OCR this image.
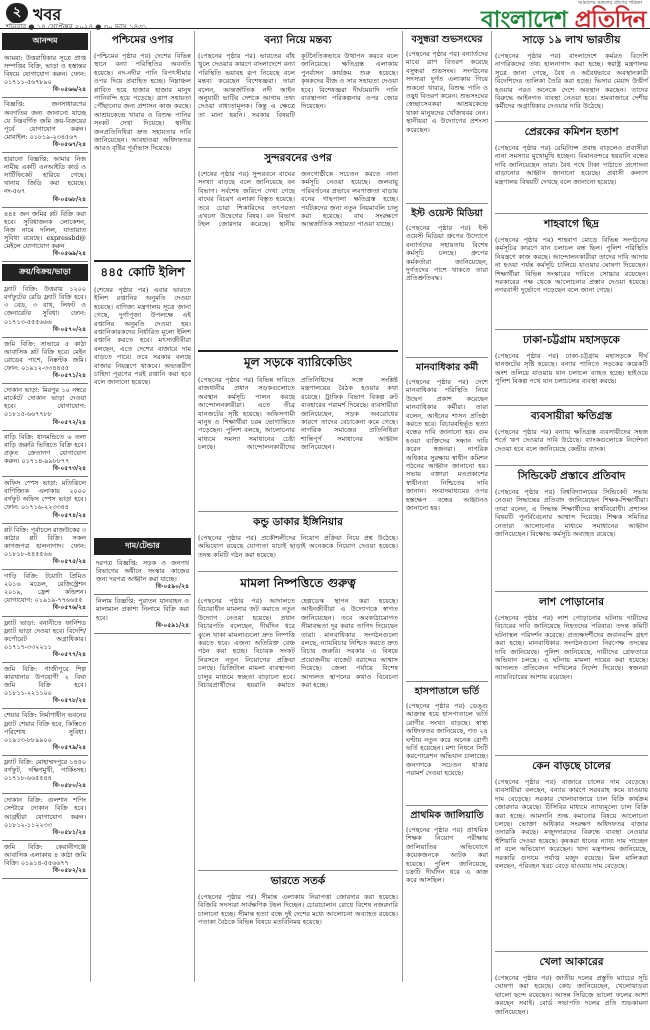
২ খবর
শনিবার ● ১৪ সেপ্টেম্বর ২০২৪ ● ৩০ ভাদ্র ১৪৩১	বাংলাদেশ প্রতিদিন
আমাদের সকলের প্রাণের পত্রিকা
আনন্দম
আমরা: উত্তরাধিকার সূত্রে প্রাপ্ত সম্পত্তির বিক্রি, ভাড়া ও হস্তান্তর বিষয়ে যোগাযোগ করুন। ফোন: ০১৭১১-৫৬৭৮৯০
বি-০৫৬৬/২৪
বিজ্ঞপ্তি: জনসাধারণের অবগতির জন্য জানানো যাচ্ছে যে নিম্নবর্ণিত জমি ক্রয়-বিক্রয়ের পূর্বে যোগাযোগ করুন। মোবাইল: ০১৮১৯-২৩৪৫৬৭
বি-০৫৬৭/২৪
হারানো বিজ্ঞপ্তি: আমার নিজ নামীয় একটি এনআইডি কার্ড ও সার্টিফিকেট হারিয়ে গেছে। থানায় জিডি করা হয়েছে। নং-৫৬৭
বি-০৫৬৮/২৪
৪৪৫ জন জমির প্লট বিক্রি করা হবে। সুবিধাজনক লোকেশন, নিজ নামে দলিল, যাতায়াত সুবিধা রয়েছে। expressbd@ মেইলে যোগাযোগ করুন
বি-০৫৬৯/২৪
ক্রয়/বিক্রয়/ভাড়া
ফ্ল্যাট বিক্রি: উত্তরায় ১২০০ বর্গফুটের রেডি ফ্ল্যাট বিক্রি হবে। ৩ বেড, ৩ বাথ, লিফট ও জেনারেটর সুবিধা। ফোন: ০১৭১৩-৫৫৫৬৬৬
বি-০৫৭০/২৪
জমি বিক্রি: সাভারে ৫ কাঠা আবাসিক প্লট বিক্রি হবে। মেইন রোডের পাশে, নিষ্কণ্টক জমি। ফোন: ০১৯১২-৩৩৪৪৫৫
বি-০৫৭১/২৪
দোকান ভাড়া: মিরপুর ১০ নম্বরে মার্কেটে দোকান ভাড়া দেওয়া হবে। যোগাযোগ: ০১৮১৫-৬৬৭৭৮৮
বি-০৫৭২/২৪
বাড়ি বিক্রি: ধানমন্ডিতে ৬ তলা বাড়ি জরুরি ভিত্তিতে বিক্রি হবে। প্রকৃত ক্রেতাগণ যোগাযোগ করুন। ০১৭১৪-৯৯৮৮৭৭
বি-০৫৭৩/২৪
অফিস স্পেস ভাড়া: মতিঝিলে বাণিজ্যিক এলাকায় ২০০০ বর্গফুট অফিস স্পেস ভাড়া হবে। ফোন: ০১৭১৬-২২৩৩৪৪
বি-০৫৭৪/২৪
প্লট বিক্রি: পূর্বাচলে রাজউকের ৩ কাঠার প্লট বিক্রি। সকল কাগজপত্র হালনাগাদ। ফোন: ০১৮১৮-৪৪৫৫৬৬
বি-০৫৭৫/২৪
গাড়ি বিক্রি: টয়োটা প্রিমিও ২০১৬ মডেল, রেজিস্ট্রেশন ২০১৯, ফ্রেশ কন্ডিশন। যোগাযোগ: ০১৯১৯-৭৭৬৬৫৫
বি-০৫৭৬/২৪
ফ্ল্যাট ভাড়া: বনানীতে ফার্নিশড ফ্ল্যাট ভাড়া দেওয়া হবে। বিদেশি/কর্পোরেট অগ্রাধিকার। ০১৭১৭-৩৩২২১১
বি-০৫৭৭/২৪
জমি বিক্রি: গাজীপুরে শিল্প কারখানার উপযোগী ২ বিঘা জমি বিক্রি হবে। ০১৮১১-২২১১০০
বি-০৫৭৮/২৪
শেয়ার বিক্রি: নির্মাণাধীন ভবনের ফ্ল্যাট শেয়ার বিক্রি হবে, কিস্তিতে পরিশোধ সুবিধা। ০১৯১৩-৮৮৯৯০০
বি-০৫৭৯/২৪
ফ্ল্যাট বিক্রি: মোহাম্মদপুরে ১৪৫০ বর্গফুট, দক্ষিণমুখী, পার্কিংসহ। ০১৭১৮-৬৬৫৫৪৪
বি-০৫৮০/২৪
দোকান বিক্রি: গুলশান শপিং সেন্টারে দোকান বিক্রি হবে। আগ্রহীরা যোগাযোগ করুন। ০১৮১২-১১২২৩৩
বি-০৫৮১/২৪
জমি বিক্রি: কেরানীগঞ্জে আবাসিক এলাকায় ৪ কাঠা জমি বিক্রি। ০১৯১৪-৫৫৬৬৭৭
বি-০৫৮২/২৪
পশ্চিমের ওপার
(পশ্চিমের পৃষ্ঠার পর) দেশের বিভিন্ন স্থানে বন্যা পরিস্থিতির অবনতি হয়েছে। নদ-নদীর পানি বিপৎসীমার ওপর দিয়ে প্রবাহিত হচ্ছে। নিম্নাঞ্চল প্লাবিত হয়ে হাজার হাজার মানুষ পানিবন্দি হয়ে পড়েছে। ত্রাণ সহায়তা পৌঁছানোর জন্য প্রশাসন কাজ করছে। আশ্রয়কেন্দ্রে খাবার ও বিশুদ্ধ পানির সংকট দেখা দিয়েছে। স্থানীয় জনপ্রতিনিধিরা দ্রুত সহায়তার দাবি জানিয়েছেন। আবহাওয়া অধিদফতর আরও বৃষ্টির পূর্বাভাস দিয়েছে।
৪৪৫ কোটি ইলিশ
(শেষের পৃষ্ঠার পর) এবার ভারতে ইলিশ রপ্তানির অনুমতি দেওয়া হয়েছে। বাণিজ্য মন্ত্রণালয় সূত্রে জানা গেছে, দুর্গাপূজা উপলক্ষে এই রপ্তানির অনুমতি দেওয়া হয়। রপ্তানিকারকদের নির্ধারিত মূল্যে ইলিশ রপ্তানি করতে হবে। মৎস্যজীবীরা বলছেন, এতে দেশের বাজারে দাম বাড়তে পারে। তবে সরকার বলছে বাজার নিয়ন্ত্রণে থাকবে। অভ্যন্তরীণ চাহিদা পূরণের পরই রপ্তানি করা হবে বলে জানানো হয়েছে।
দাম/টেন্ডার
দরপত্র বিজ্ঞপ্তি: সড়ক ও জনপথ বিভাগের অধীনে সংস্কার কাজের জন্য দরপত্র আহ্বান করা যাচ্ছে।
বি-০৫৯০/২৪
নিলাম বিজ্ঞপ্তি: পুরাতন যানবাহন ও মালামাল প্রকাশ্য নিলামে বিক্রি করা হবে।
বি-০৫৯১/২৪
বন্যা নিয়ে মন্তব্য
(পেছনের পৃষ্ঠার পর) ভারতের বাঁধ খুলে দেওয়ার কারণে বাংলাদেশে বন্যা পরিস্থিতি ভয়াবহ রূপ নিয়েছে বলে মন্তব্য করেছেন বিশেষজ্ঞরা। তারা বলেন, আন্তর্জাতিক নদী আইন অনুযায়ী ভাটির দেশকে আগাম তথ্য দেওয়া বাধ্যতামূলক। কিন্তু এ ক্ষেত্রে তা মানা হয়নি। সরকার বিষয়টি কূটনৈতিকভাবে উত্থাপন করবে বলে জানিয়েছে। ক্ষতিগ্রস্ত এলাকায় পুনর্বাসন কার্যক্রম শুরু হয়েছে। কৃষকদের বীজ ও সার সহায়তা দেওয়া হবে। বিশেষজ্ঞরা দীর্ঘমেয়াদি পানি ব্যবস্থাপনা পরিকল্পনার ওপর জোর দিয়েছেন।
সুন্দরবনের ওপর
(শেষের পৃষ্ঠার পর) সুন্দরবনে বাঘের সংখ্যা বাড়ছে বলে জানিয়েছে বন বিভাগ। সর্বশেষ জরিপে দেখা গেছে বাঘের বিচরণ এলাকা বিস্তৃত হয়েছে। তবে চোরা শিকারিদের তৎপরতা এখনো উদ্বেগের বিষয়। বন বিভাগ টহল জোরদার করেছে। স্থানীয় জনগোষ্ঠীকে সচেতন করতে নানা কর্মসূচি নেওয়া হয়েছে। জলবায়ু পরিবর্তনের প্রভাবে লবণাক্ততা বাড়ায় বনের গাছপালা ক্ষতিগ্রস্ত হচ্ছে। পর্যটকদের জন্য নতুন নিয়মাবলি চালু করা হয়েছে। বাঘ সংরক্ষণে আন্তর্জাতিক সহায়তা পাওয়া যাচ্ছে।
মূল সড়কে ব্যারিকেডিং
(পেছনের পৃষ্ঠার পর) বিভিন্ন দাবিতে রাজধানীর প্রধান সড়কগুলোতে অবস্থান কর্মসূচি পালন করছে আন্দোলনকারীরা। এতে তীব্র যানজটের সৃষ্টি হয়েছে। অফিসগামী মানুষ ও শিক্ষার্থীরা চরম ভোগান্তিতে পড়েছেন। পুলিশ বলছে, আলোচনার মাধ্যমে সমস্যা সমাধানের চেষ্টা চলছে। আন্দোলনকারীদের প্রতিনিধিদের সঙ্গে সংশ্লিষ্ট মন্ত্রণালয়ের বৈঠক হওয়ার কথা রয়েছে। ট্রাফিক বিভাগ বিকল্প রুট ব্যবহারের পরামর্শ দিয়েছে। ব্যবসায়ীরা জানিয়েছেন, সড়ক অবরোধের কারণে তাদের বেচাকেনা কমে গেছে। নাগরিক সমাজের প্রতিনিধিরা শান্তিপূর্ণ সমাধানের আহ্বান জানিয়েছেন।
কন্ডু ডাকার ইঙ্গিনিয়ার
(পেছনের পৃষ্ঠার পর) প্রকৌশলীদের নিয়োগ প্রক্রিয়া নিয়ে প্রশ্ন উঠেছে। অভিযোগ রয়েছে যোগ্যতা যাচাই ছাড়াই অনেককে নিয়োগ দেওয়া হয়েছে। তদন্ত কমিটি গঠন করা হয়েছে।
মামলা নিষ্পত্তিতে গুরুত্ব
(পেছনের পৃষ্ঠার পর) আদালতে বিচারাধীন মামলার জট কমাতে নতুন উদ্যোগ নেওয়া হয়েছে। প্রধান বিচারপতি বলেছেন, দীর্ঘদিন ধরে ঝুলে থাকা মামলাগুলো দ্রুত নিষ্পত্তি করতে হবে। এজন্য অতিরিক্ত বেঞ্চ গঠন করা হচ্ছে। বিচারক সংকট নিরসনে নতুন নিয়োগের প্রক্রিয়া চলছে। ডিজিটাল মামলা ব্যবস্থাপনা চালুর মাধ্যমে স্বচ্ছতা বাড়ানো হবে। বিচারপ্রার্থীদের হয়রানি কমাতে হেল্পডেস্ক স্থাপন করা হয়েছে। আইনজীবীরা এ উদ্যোগকে স্বাগত জানিয়েছেন। তবে অবকাঠামোগত সীমাবদ্ধতা দূর করার তাগিদ দিয়েছেন তারা। মানবাধিকার সংগঠনগুলো বলছে, ন্যায়বিচার নিশ্চিত করতে দ্রুত বিচার জরুরি। সরকার এ বিষয়ে প্রয়োজনীয় বাজেট বরাদ্দের আশ্বাস দিয়েছে। জেলা পর্যায়ে বিশেষ আদালত স্থাপনের কথাও বিবেচনা করা হচ্ছে।
ভারতে সতর্ক
(পেছনের পৃষ্ঠার পর) সীমান্ত এলাকায় নিরাপত্তা জোরদার করা হয়েছে। বিজিবি সদস্যরা সার্বক্ষণিক টহল দিচ্ছেন। চোরাচালান রোধে বিশেষ নজরদারি চালানো হচ্ছে। সীমান্ত হত্যা বন্ধে দুই দেশের মধ্যে আলোচনা অব্যাহত রয়েছে। পতাকা বৈঠকে বিভিন্ন বিষয়ে মতবিনিময় হয়েছে।
বসুন্ধরা শুভসংঘের
(পেছনের পৃষ্ঠার পর) বন্যার্তদের মাঝে ত্রাণ বিতরণ করেছে বসুন্ধরা শুভসংঘ। সংগঠনের সদস্যরা দুর্গত এলাকায় গিয়ে শুকনো খাবার, বিশুদ্ধ পানি ও ওষুধ বিতরণ করেন। শুভসংঘের স্বেচ্ছাসেবকরা আশ্রয়কেন্দ্রে থাকা মানুষদের খোঁজখবর নেন। স্থানীয়রা এ উদ্যোগের প্রশংসা করেছেন।
ইস্ট ওয়েস্ট মিডিয়া
(পেছনের পৃষ্ঠার পর) ইস্ট ওয়েস্ট মিডিয়া গ্রুপের উদ্যোগে বন্যার্তদের সহায়তায় বিশেষ কর্মসূচি চলছে। গ্রুপের কর্মকর্তারা জানিয়েছেন, দুর্গতদের পাশে থাকতে তারা প্রতিশ্রুতিবদ্ধ।
মানবাধিকার কর্মী
(পেছনের পৃষ্ঠার পর) দেশে মানবাধিকার পরিস্থিতি নিয়ে উদ্বেগ প্রকাশ করেছেন মানবাধিকার কর্মীরা। তারা বলেন, আইনের শাসন প্রতিষ্ঠা করতে হবে। বিচারবহির্ভূত হত্যা বন্ধের দাবি জানানো হয়। গুম হওয়া ব্যক্তিদের সন্ধান দাবি করেন স্বজনরা। নাগরিক অধিকার সুরক্ষায় স্বাধীন কমিশন গঠনের আহ্বান জানানো হয়। সভায় বক্তারা মতপ্রকাশের স্বাধীনতা নিশ্চিতের দাবি জানান। সংবাদমাধ্যমের ওপর হস্তক্ষেপ বন্ধের আহ্বানও জানানো হয়।
হাসপাতালে ভর্তি
(পেছনের পৃষ্ঠার পর) ডেঙ্গু আক্রান্ত হয়ে হাসপাতালে ভর্তি রোগীর সংখ্যা বাড়ছে। স্বাস্থ্য অধিদফতর জানিয়েছে, গত ২৪ ঘণ্টায় নতুন করে অনেক রোগী ভর্তি হয়েছেন। মশা নিধনে সিটি করপোরেশন অভিযান চালাচ্ছে। জনগণকে সচেতন থাকার পরামর্শ দেওয়া হয়েছে।
প্রাথমিক জালিয়াতি
(পেছনের পৃষ্ঠার পর) প্রাথমিক শিক্ষক নিয়োগ পরীক্ষায় জালিয়াতির অভিযোগে কয়েকজনকে আটক করা হয়েছে। পুলিশ জানিয়েছে, চক্রটি দীর্ঘদিন ধরে এ কাজ করে আসছিল।
সাড়ে ১৯ লাখ ভারতীয়
(পেছনের পৃষ্ঠার পর) বাংলাদেশে কর্মরত বিদেশি নাগরিকদের তথ্য হালনাগাদ করা হচ্ছে। স্বরাষ্ট্র মন্ত্রণালয় সূত্রে জানা গেছে, বৈধ ও অবৈধভাবে অবস্থানকারী বিদেশিদের তালিকা তৈরি করা হচ্ছে। ভিসার মেয়াদ উত্তীর্ণ হওয়ার পরও অনেকে দেশে অবস্থান করছেন। তাদের বিরুদ্ধে আইনগত ব্যবস্থা নেওয়া হবে। শ্রমবাজারে দেশীয় কর্মীদের অগ্রাধিকার দেওয়ার দাবি উঠেছে।
প্রেরকের কমিশন হতাশ
(পেছনের পৃষ্ঠার পর) রেমিট্যান্স প্রবাহ বাড়লেও প্রবাসীরা নানা সমস্যার মুখোমুখি হচ্ছেন। বিমানবন্দরে হয়রানি বন্ধের দাবি জানিয়েছেন তারা। বৈধ পথে টাকা পাঠাতে প্রণোদনা বাড়ানোর আহ্বান জানানো হয়েছে। প্রবাসী কল্যাণ মন্ত্রণালয় বিষয়টি দেখছে বলে জানানো হয়েছে।
শাহবাগে ছিদ্র
(পেছনের পৃষ্ঠার পর) শাহবাগ মোড়ে বিভিন্ন সংগঠনের কর্মসূচির কারণে যান চলাচল বন্ধ ছিল। পুলিশ পরিস্থিতি নিয়ন্ত্রণে কাজ করছে। আন্দোলনকারীরা তাদের দাবি আদায় না হওয়া পর্যন্ত কর্মসূচি চালিয়ে যাওয়ার ঘোষণা দিয়েছেন। শিক্ষার্থীরা বিভিন্ন সংস্কারের দাবিতে সোচ্চার রয়েছেন। সরকারের পক্ষ থেকে আলোচনার প্রস্তাব দেওয়া হয়েছে। নগরবাসী দুর্ভোগে পড়েছেন বলে জানা গেছে।
ঢাকা-চট্টগ্রাম মহাসড়কে
(পেছনের পৃষ্ঠার পর) ঢাকা-চট্টগ্রাম মহাসড়কে দীর্ঘ যানজটের সৃষ্টি হয়েছে। বন্যার পানিতে সড়কের কয়েকটি অংশ তলিয়ে যাওয়ায় যান চলাচল ব্যাহত হচ্ছে। হাইওয়ে পুলিশ বিকল্প পথে যান চলাচলের ব্যবস্থা করছে।
ব্যবসায়ীরা ক্ষতিগ্রস্ত
(পেছনের পৃষ্ঠার পর) বন্যায় ক্ষতিগ্রস্ত ব্যবসায়ীদের সহজ শর্তে ঋণ দেওয়ার দাবি উঠেছে। ব্যাংকগুলোকে নির্দেশনা দেওয়া হবে বলে জানিয়েছে কেন্দ্রীয় ব্যাংক।
সিন্ডিকেট প্রস্তাবে প্রতিবাদ
(পেছনের পৃষ্ঠার পর) বিশ্ববিদ্যালয়ের সিন্ডিকেট সভায় নেওয়া সিদ্ধান্তের প্রতিবাদ জানিয়েছেন শিক্ষক-শিক্ষার্থীরা। তারা বলেন, এ সিদ্ধান্ত শিক্ষার্থীদের স্বার্থবিরোধী। প্রশাসন বিষয়টি পুনর্বিবেচনার আশ্বাস দিয়েছে। শিক্ষক সমিতির নেতারা আলোচনার মাধ্যমে সমাধানের আহ্বান জানিয়েছেন। বিক্ষোভ কর্মসূচি অব্যাহত রয়েছে।
লাশ পোড়ানোর
(পেছনের পৃষ্ঠার পর) লাশ পোড়ানোর ঘটনায় দায়ীদের বিচারের দাবি জানিয়েছে নিহতদের পরিবার। তদন্ত কমিটি ঘটনাস্থল পরিদর্শন করেছে। প্রত্যক্ষদর্শীদের জবানবন্দি গ্রহণ করা হচ্ছে। মানবাধিকার সংগঠনগুলো নিরপেক্ষ তদন্তের দাবি জানিয়েছে। পুলিশ জানিয়েছে, দায়ীদের গ্রেফতারে অভিযান চলছে। এ ঘটনায় মামলা দায়ের করা হয়েছে। আদালত প্রতিবেদন দাখিলের নির্দেশ দিয়েছে। স্বজনরা ন্যায়বিচারের আশায় রয়েছেন।
কেন বাড়ছে চালের
(পেছনের পৃষ্ঠার পর) বাজারে চালের দাম বেড়েছে। ব্যবসায়ীরা বলছেন, বন্যার কারণে সরবরাহ কমে যাওয়ায় দাম বেড়েছে। সরকার খোলাবাজারে চাল বিক্রি কার্যক্রম জোরদার করেছে। টিসিবির মাধ্যমে ন্যায্যমূল্যে চাল বিক্রি করা হচ্ছে। আমদানি শুল্ক কমানোর বিষয়ে আলোচনা চলছে। ভোক্তা অধিকার সংরক্ষণ অধিদফতর বাজার তদারকি করছে। মজুদদারদের বিরুদ্ধে ব্যবস্থা নেওয়ার হুঁশিয়ারি দেওয়া হয়েছে। কৃষকরা ধানের ন্যায্য দাম পাচ্ছেন না বলে অভিযোগ করেছেন। খাদ্য মন্ত্রণালয় জানিয়েছে, সরকারি গুদামে পর্যাপ্ত মজুদ রয়েছে। মিল মালিকরা বলছেন, পরিবহন খরচ বেড়ে যাওয়ায় দাম বেড়েছে।
খেলা আকারের
(পেছনের পৃষ্ঠার পর) জাতীয় দলের প্রস্তুতি ম্যাচের সূচি ঘোষণা করা হয়েছে। কোচ জানিয়েছেন, খেলোয়াড়রা ভালো ছন্দে রয়েছেন। আসন্ন সিরিজে ভালো ফলের আশা করছেন সবাই। বোর্ড সভাপতি দলের প্রতি শুভকামনা জানিয়েছেন।
